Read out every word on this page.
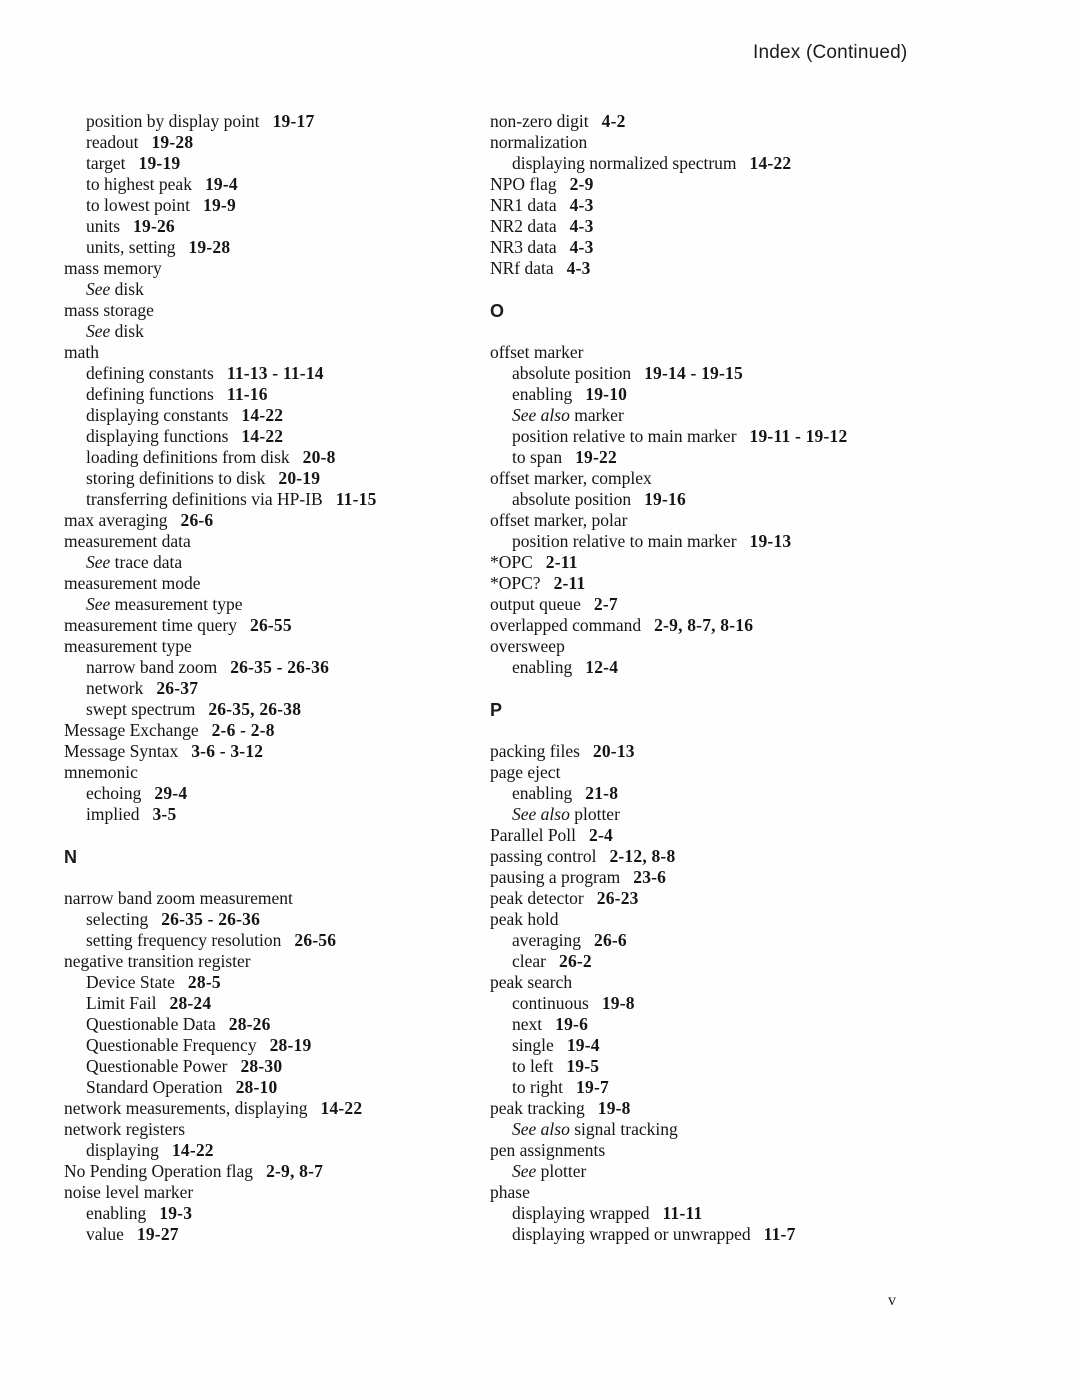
Index (Continued)
position by display point 19-17
readout 19-28
target 19-19
to highest peak 19-4
to lowest point 19-9
units 19-26
units, setting 19-28
mass memory
See disk
mass storage
See disk
math
defining constants 11-13 - 11-14
defining functions 11-16
displaying constants 14-22
displaying functions 14-22
loading definitions from disk 20-8
storing definitions to disk 20-19
transferring definitions via HP-IB 11-15
max averaging 26-6
measurement data
See trace data
measurement mode
See measurement type
measurement time query 26-55
measurement type
narrow band zoom 26-35 - 26-36
network 26-37
swept spectrum 26-35, 26-38
Message Exchange 2-6 - 2-8
Message Syntax 3-6 - 3-12
mnemonic
echoing 29-4
implied 3-5
N
narrow band zoom measurement
selecting 26-35 - 26-36
setting frequency resolution 26-56
negative transition register
Device State 28-5
Limit Fail 28-24
Questionable Data 28-26
Questionable Frequency 28-19
Questionable Power 28-30
Standard Operation 28-10
network measurements, displaying 14-22
network registers
displaying 14-22
No Pending Operation flag 2-9, 8-7
noise level marker
enabling 19-3
value 19-27
non-zero digit 4-2
normalization
displaying normalized spectrum 14-22
NPO flag 2-9
NR1 data 4-3
NR2 data 4-3
NR3 data 4-3
NRf data 4-3
O
offset marker
absolute position 19-14 - 19-15
enabling 19-10
See also marker
position relative to main marker 19-11 - 19-12
to span 19-22
offset marker, complex
absolute position 19-16
offset marker, polar
position relative to main marker 19-13
*OPC 2-11
*OPC? 2-11
output queue 2-7
overlapped command 2-9, 8-7, 8-16
oversweep
enabling 12-4
P
packing files 20-13
page eject
enabling 21-8
See also plotter
Parallel Poll 2-4
passing control 2-12, 8-8
pausing a program 23-6
peak detector 26-23
peak hold
averaging 26-6
clear 26-2
peak search
continuous 19-8
next 19-6
single 19-4
to left 19-5
to right 19-7
peak tracking 19-8
See also signal tracking
pen assignments
See plotter
phase
displaying wrapped 11-11
displaying wrapped or unwrapped 11-7
v
